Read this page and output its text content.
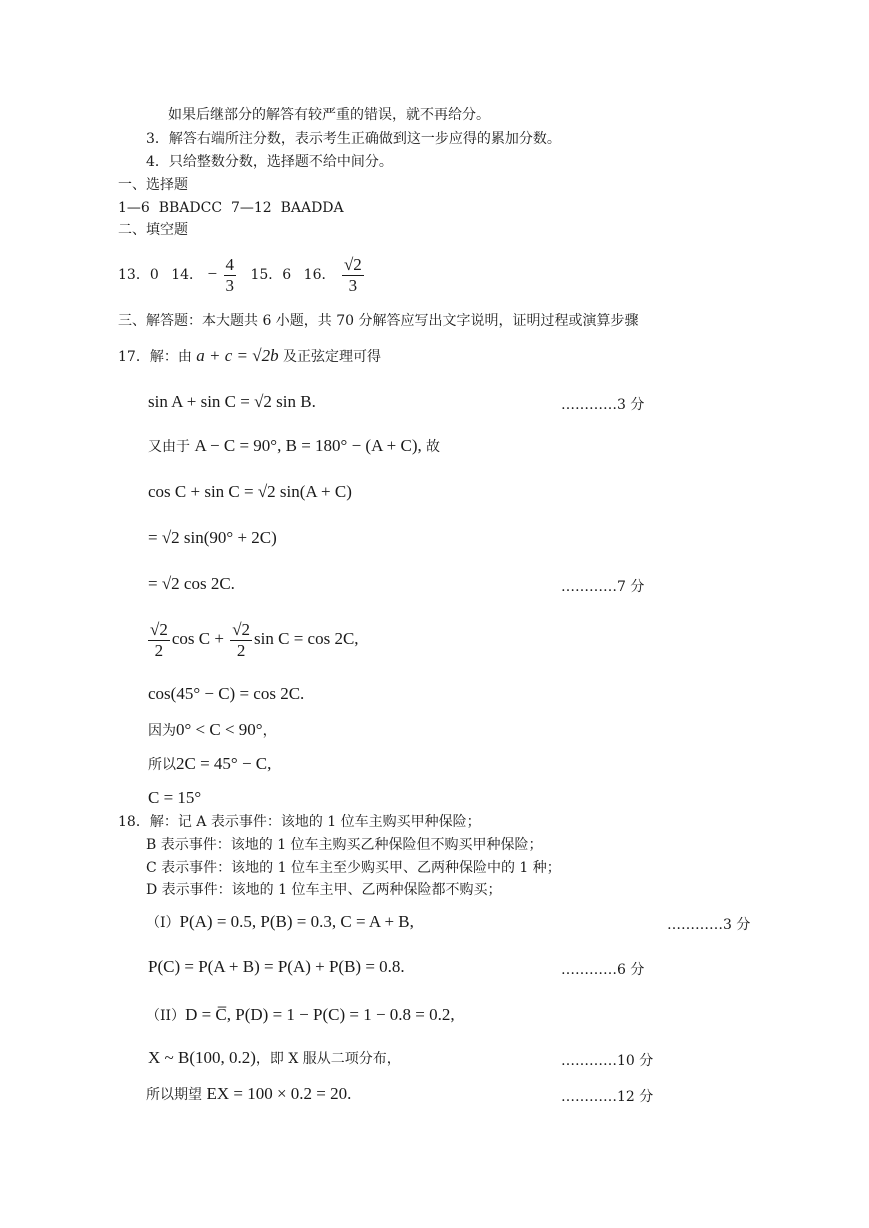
如果后继部分的解答有较严重的错误，就不再给分。
3．解答右端所注分数，表示考生正确做到这一步应得的累加分数。
4．只给整数分数，选择题不给中间分。
一、选择题
1—6  BBADCC  7—12  BAADDA
二、填空题
13．0 14． − $\frac{4}{3} 15$．6 16． $\frac{√2}{3}$
三、解答题：本大题共 6 小题，共 70 分解答应写出文字说明，证明过程或演算步骤
17．解：由 a + c = √2b 及正弦定理可得
sin A + sin C = √2 sin B.	…………3 分
又由于 A − C = 90°, B = 180° − (A + C), 故
cos C + sin C = √2 sin(A + C)
= √2 sin(90° + 2C)
= √2 cos 2C.	…………7 分
$\frac{√2}{2}$ $\cos C + \frac{√2}{2}$ sin C = cos 2C,
cos(45° − C) = cos 2C.
因为0° < C < 90°，
所以2C = 45° − C,
C = 15°
18．解：记 A 表示事件：该地的 1 位车主购买甲种保险；
B 表示事件：该地的 1 位车主购买乙种保险但不购买甲种保险；
C 表示事件：该地的 1 位车主至少购买甲、乙两种保险中的 1 种；
D 表示事件：该地的 1 位车主甲、乙两种保险都不购买；
（I）P(A) = 0.5, P(B) = 0.3, C = A + B,	…………3 分
P(C) = P(A + B) = P(A) + P(B) = 0.8.	…………6 分
（II）D = C̅, P(D) = 1 − P(C) = 1 − 0.8 = 0.2,
X ~ B(100, 0.2)，即 X 服从二项分布，	…………10 分
所以期望 EX = 100 × 0.2 = 20.	…………12 分
